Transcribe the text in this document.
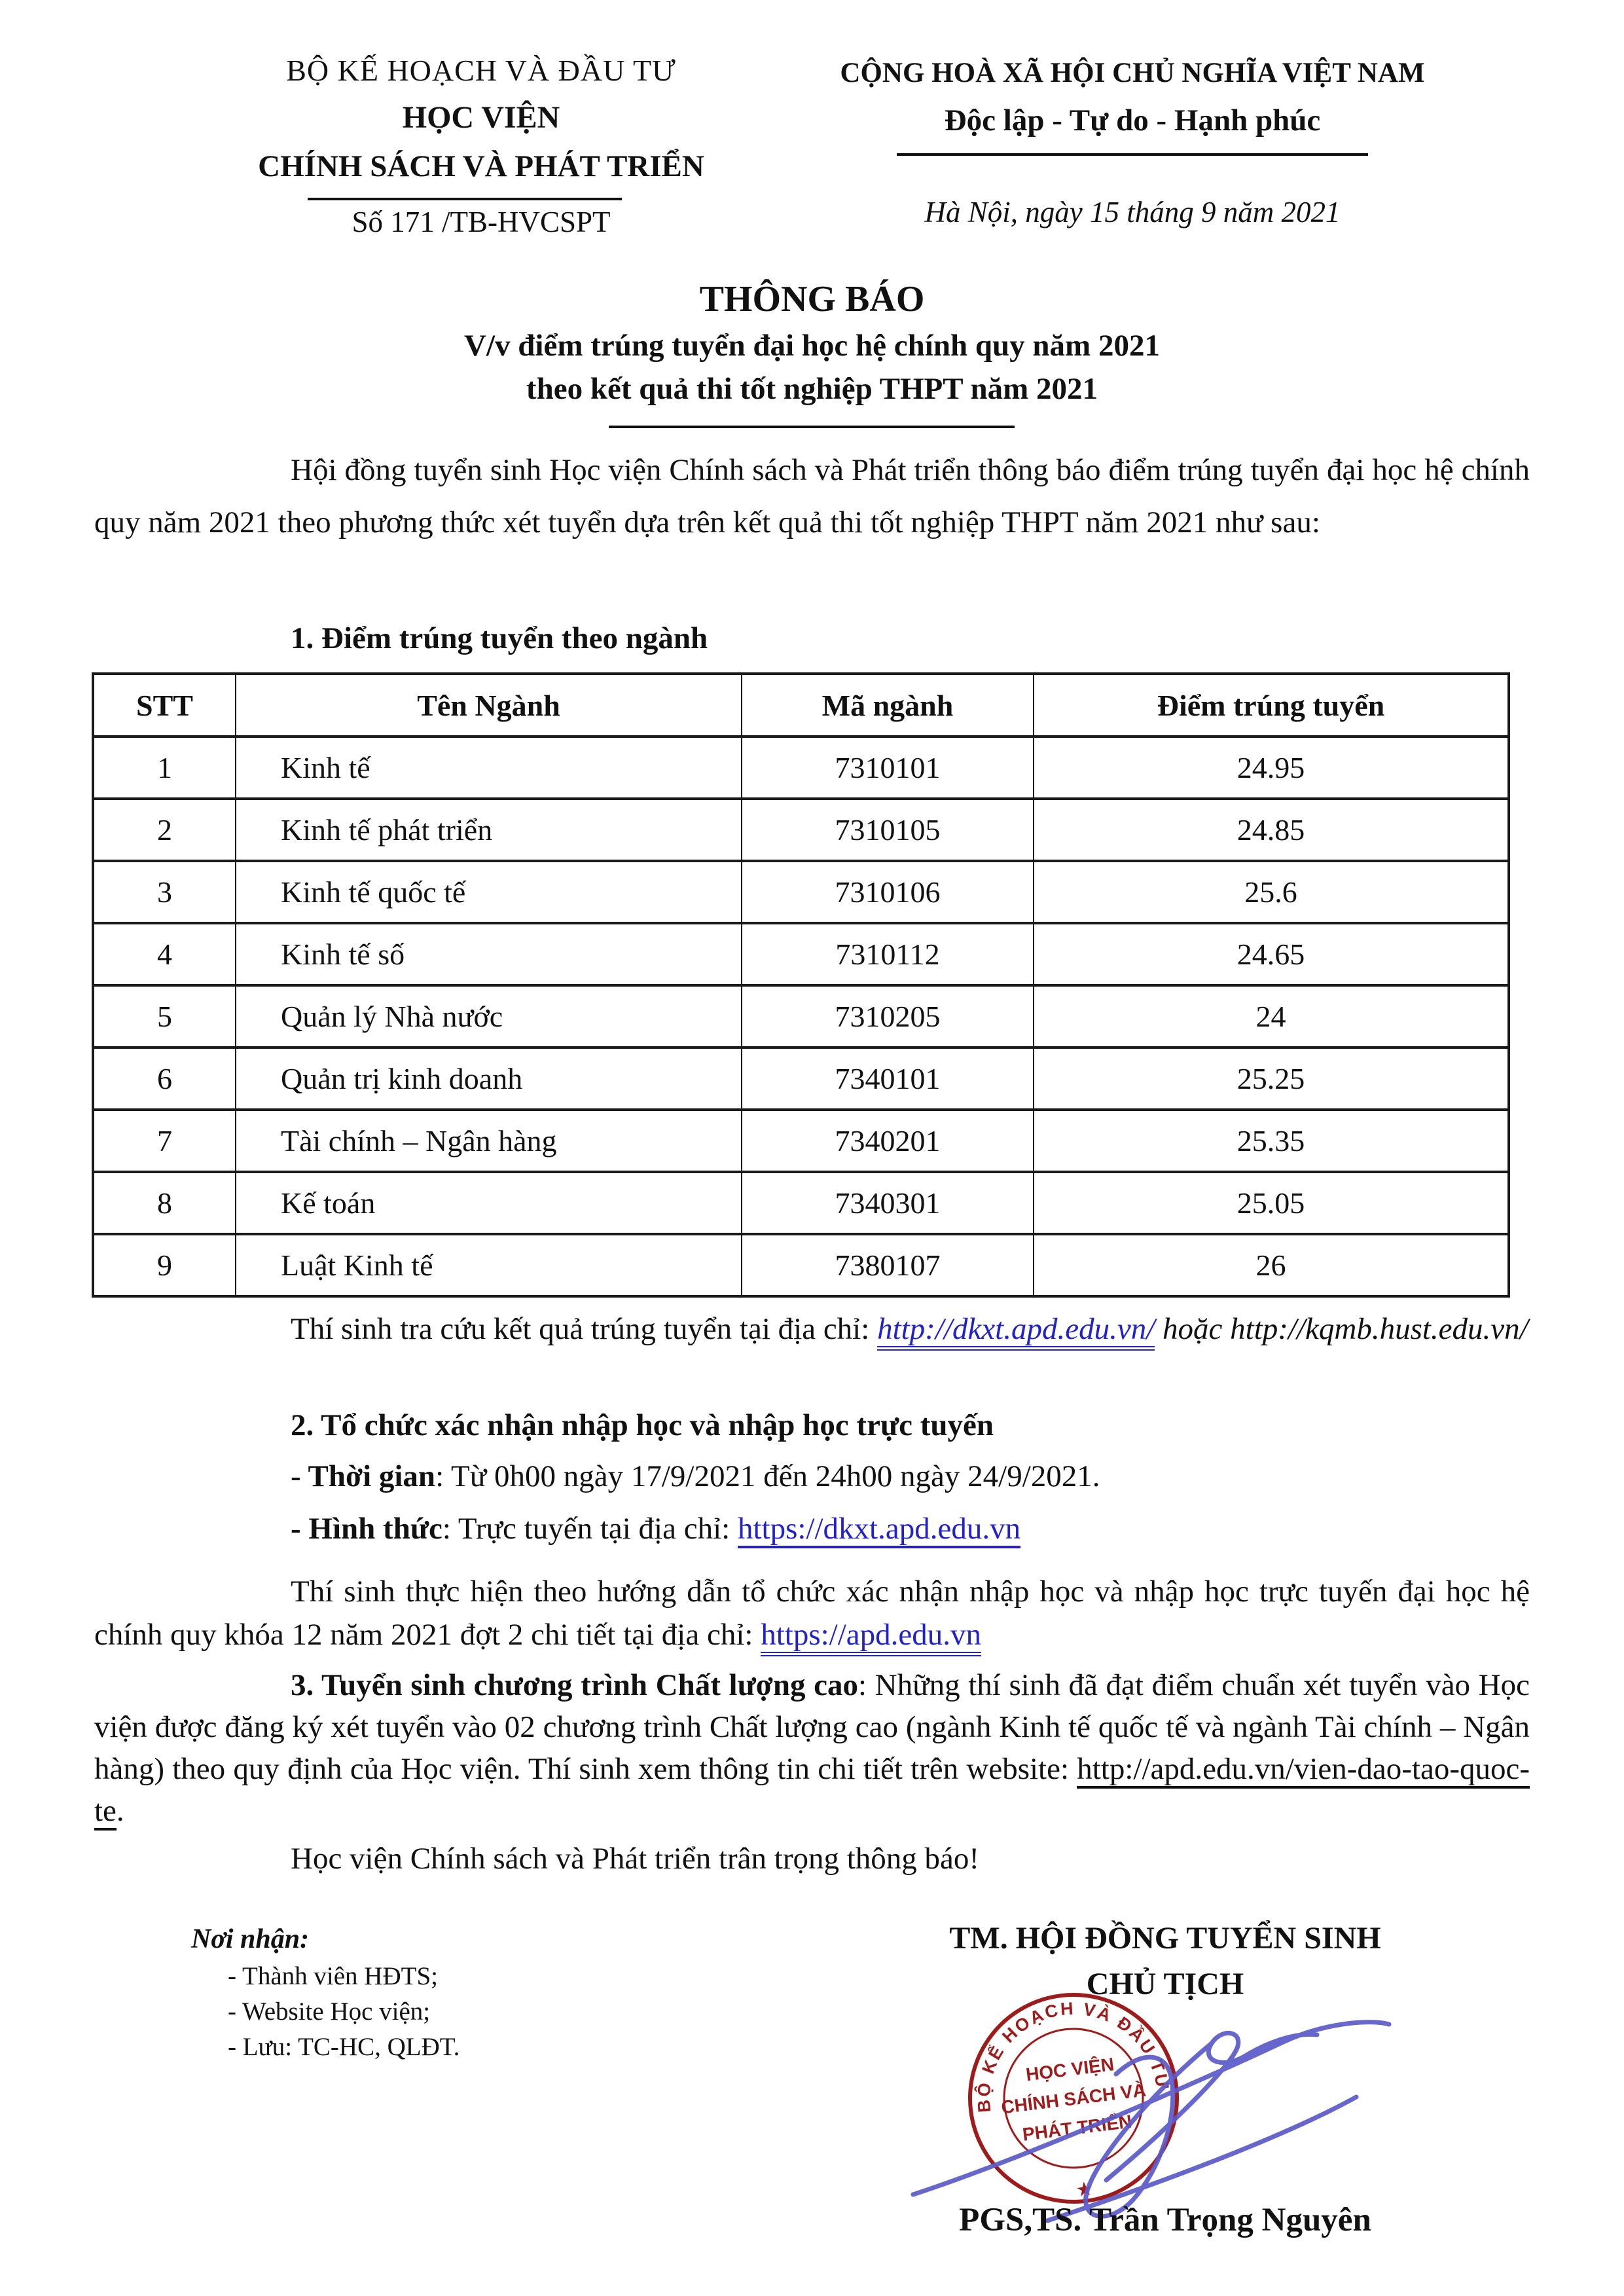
BỘ KẾ HOẠCH VÀ ĐẦU TƯ
HỌC VIỆN
CHÍNH SÁCH VÀ PHÁT TRIỂN
Số 171 /TB-HVCSPT
CỘNG HOÀ XÃ HỘI CHỦ NGHĨA VIỆT NAM
Độc lập - Tự do - Hạnh phúc
Hà Nội, ngày 15 tháng 9 năm 2021
THÔNG BÁO
V/v điểm trúng tuyển đại học hệ chính quy năm 2021
theo kết quả thi tốt nghiệp THPT năm 2021
Hội đồng tuyển sinh Học viện Chính sách và Phát triển thông báo điểm trúng tuyển đại học hệ chính quy năm 2021 theo phương thức xét tuyển dựa trên kết quả thi tốt nghiệp THPT năm 2021 như sau:
1. Điểm trúng tuyển theo ngành
STT	Tên Ngành	Mã ngành	Điểm trúng tuyển
1	Kinh tế	7310101	24.95
2	Kinh tế phát triển	7310105	24.85
3	Kinh tế quốc tế	7310106	25.6
4	Kinh tế số	7310112	24.65
5	Quản lý Nhà nước	7310205	24
6	Quản trị kinh doanh	7340101	25.25
7	Tài chính – Ngân hàng	7340201	25.35
8	Kế toán	7340301	25.05
9	Luật Kinh tế	7380107	26
Thí sinh tra cứu kết quả trúng tuyển tại địa chỉ: http://dkxt.apd.edu.vn/ hoặc http://kqmb.hust.edu.vn/
2. Tổ chức xác nhận nhập học và nhập học trực tuyến
- Thời gian: Từ 0h00 ngày 17/9/2021 đến 24h00 ngày 24/9/2021.
- Hình thức: Trực tuyến tại địa chỉ: https://dkxt.apd.edu.vn
Thí sinh thực hiện theo hướng dẫn tổ chức xác nhận nhập học và nhập học trực tuyến đại học hệ chính quy khóa 12 năm 2021 đợt 2 chi tiết tại địa chỉ: https://apd.edu.vn
3. Tuyển sinh chương trình Chất lượng cao: Những thí sinh đã đạt điểm chuẩn xét tuyển vào Học viện được đăng ký xét tuyển vào 02 chương trình Chất lượng cao (ngành Kinh tế quốc tế và ngành Tài chính – Ngân hàng) theo quy định của Học viện. Thí sinh xem thông tin chi tiết trên website: http://apd.edu.vn/vien-dao-tao-quoc-te.
Học viện Chính sách và Phát triển trân trọng thông báo!
Nơi nhận:
- Thành viên HĐTS;
- Website Học viện;
- Lưu: TC-HC, QLĐT.
TM. HỘI ĐỒNG TUYỂN SINH
CHỦ TỊCH
BỘ KẾ HOẠCH VÀ ĐẦU TƯ
★
HỌC VIỆN
CHÍNH SÁCH VÀ
PHÁT TRIỂN
PGS,TS. Trần Trọng Nguyên
